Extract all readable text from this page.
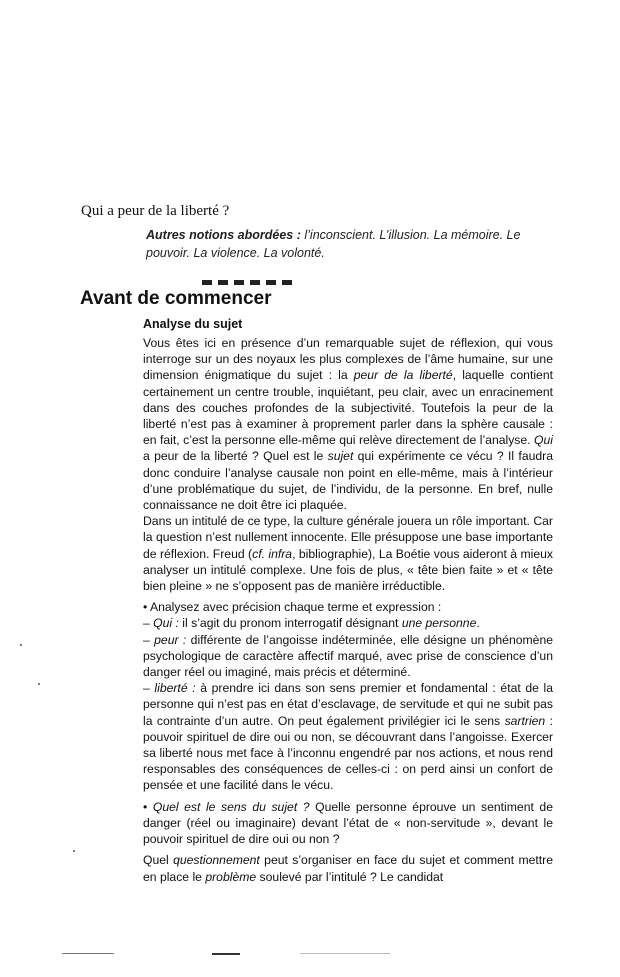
Qui a peur de la liberté ?
Autres notions abordées : l’inconscient. L’illusion. La mémoire. Le pouvoir. La violence. La volonté.
Avant de commencer
Analyse du sujet

Vous êtes ici en présence d’un remarquable sujet de réflexion, qui vous interroge sur un des noyaux les plus complexes de l’âme humaine, sur une dimension énigmatique du sujet : la peur de la liberté, laquelle contient certainement un centre trouble, inquiétant, peu clair, avec un enracinement dans des couches profondes de la subjectivité. Toutefois la peur de la liberté n’est pas à examiner à proprement parler dans la sphère causale : en fait, c’est la personne elle-même qui relève directement de l’analyse. Qui a peur de la liberté ? Quel est le sujet qui expérimente ce vécu ? Il faudra donc conduire l’analyse causale non point en elle-même, mais à l’intérieur d’une problématique du sujet, de l’individu, de la personne. En bref, nulle connaissance ne doit être ici plaquée.

Dans un intitulé de ce type, la culture générale jouera un rôle important. Car la question n’est nullement innocente. Elle présuppose une base importante de réflexion. Freud (cf. infra, bibliographie), La Boétie vous aideront à mieux analyser un intitulé complexe. Une fois de plus, « tête bien faite » et « tête bien pleine » ne s’opposent pas de manière irréductible.

• Analysez avec précision chaque terme et expression :

– Qui : il s’agit du pronom interrogatif désignant une personne.

– peur : différente de l’angoisse indéterminée, elle désigne un phénomène psychologique de caractère affectif marqué, avec prise de conscience d’un danger réel ou imaginé, mais précis et déterminé.

– liberté : à prendre ici dans son sens premier et fondamental : état de la personne qui n’est pas en état d’esclavage, de servitude et qui ne subit pas la contrainte d’un autre. On peut également privilégier ici le sens sartrien : pouvoir spirituel de dire oui ou non, se découvrant dans l’angoisse. Exercer sa liberté nous met face à l’inconnu engendré par nos actions, et nous rend responsables des conséquences de celles-ci : on perd ainsi un confort de pensée et une facilité dans le vécu.

• Quel est le sens du sujet ? Quelle personne éprouve un sentiment de danger (réel ou imaginaire) devant l’état de « non-servitude », devant le pouvoir spirituel de dire oui ou non ?

Quel questionnement peut s’organiser en face du sujet et comment mettre en place le problème soulevé par l’intitulé ? Le candidat
